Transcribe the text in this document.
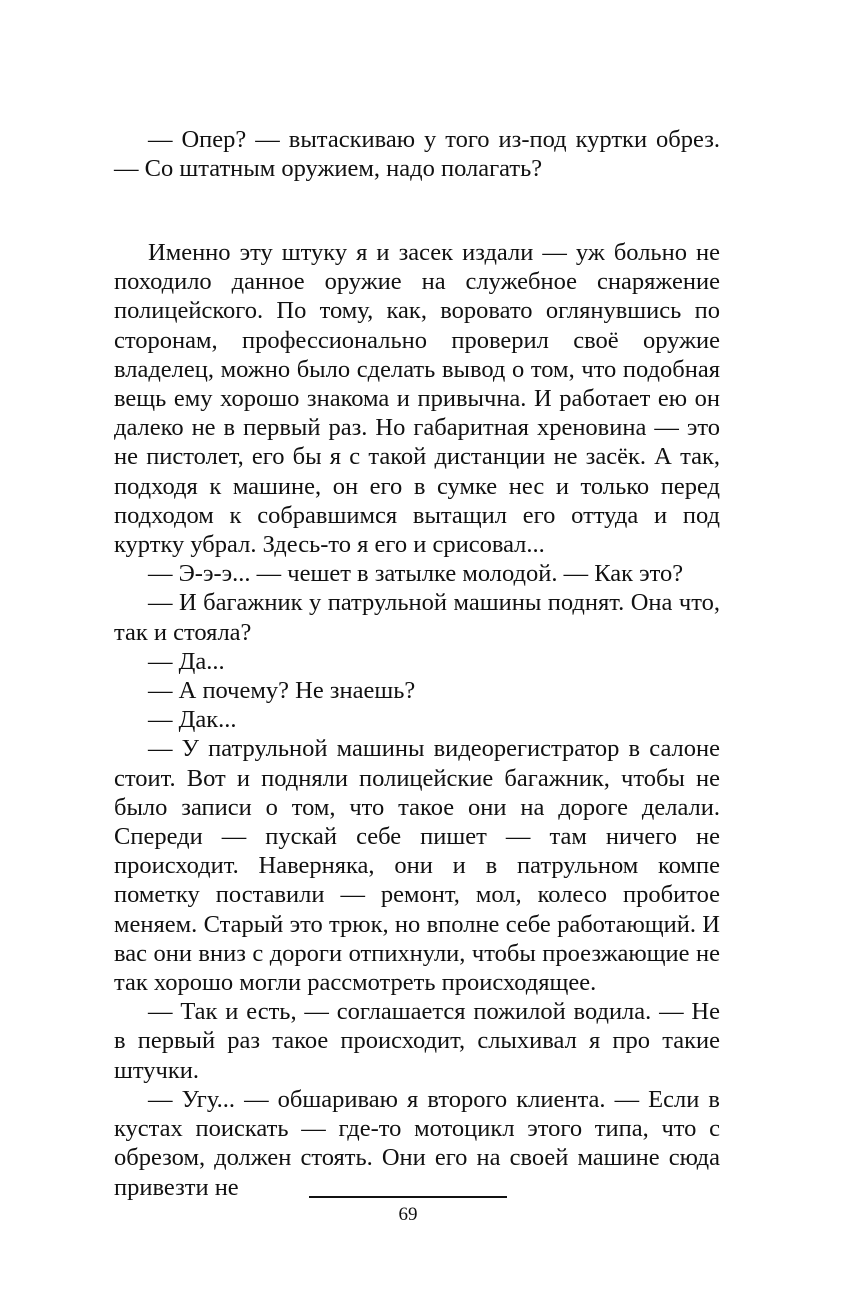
— Опер? — вытаскиваю у того из-под куртки обрез. — Со штатным оружием, надо полагать?

Именно эту штуку я и засек издали — уж больно не походило данное оружие на служебное снаряжение полицейского. По тому, как, воровато оглянувшись по сторонам, профессионально проверил своё оружие владелец, можно было сделать вывод о том, что подобная вещь ему хорошо знакома и привычна. И работает ею он далеко не в первый раз. Но габаритная хреновина — это не пистолет, его бы я с такой дистанции не засёк. А так, подходя к машине, он его в сумке нес и только перед подходом к собравшимся вытащил его оттуда и под куртку убрал. Здесь-то я его и срисовал...

— Э-э-э... — чешет в затылке молодой. — Как это?

— И багажник у патрульной машины поднят. Она что, так и стояла?

— Да...

— А почему? Не знаешь?

— Дак...

— У патрульной машины видеорегистратор в салоне стоит. Вот и подняли полицейские багажник, чтобы не было записи о том, что такое они на дороге делали. Спереди — пускай себе пишет — там ничего не происходит. Наверняка, они и в патрульном компе пометку поставили — ремонт, мол, колесо пробитое меняем. Старый это трюк, но вполне себе работающий. И вас они вниз с дороги отпихнули, чтобы проезжающие не так хорошо могли рассмотреть происходящее.

— Так и есть, — соглашается пожилой водила. — Не в первый раз такое происходит, слыхивал я про такие штучки.

— Угу... — обшариваю я второго клиента. — Если в кустах поискать — где-то мотоцикл этого типа, что с обрезом, должен стоять. Они его на своей машине сюда привезти не

69
